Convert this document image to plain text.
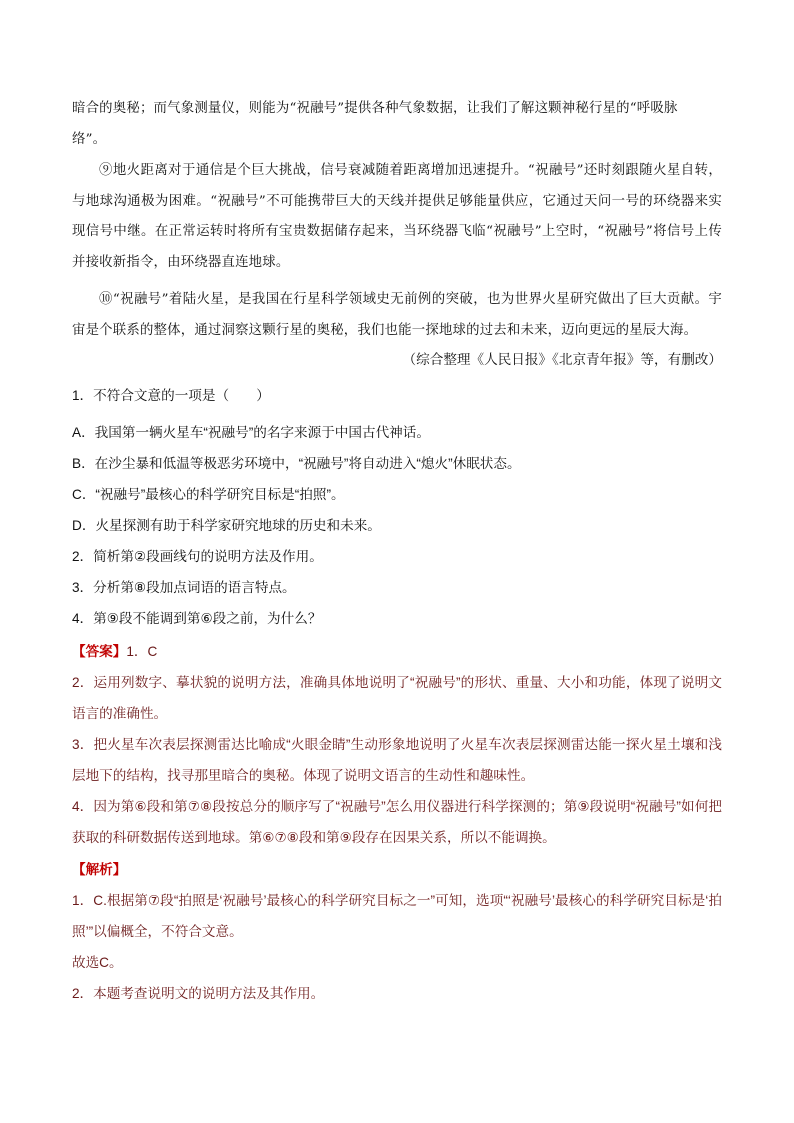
暗合的奥秘；而气象测量仪，则能为“祝融号”提供各种气象数据，让我们了解这颗神秘行星的“呼吸脉

络”。

⑨地火距离对于通信是个巨大挑战，信号衰减随着距离增加迅速提升。“祝融号”还时刻跟随火星自转，与地球沟通极为困难。“祝融号”不可能携带巨大的天线并提供足够能量供应，它通过天问一号的环绕器来实现信号中继。在正常运转时将所有宝贵数据储存起来，当环绕器飞临“祝融号”上空时，“祝融号”将信号上传并接收新指令，由环绕器直连地球。

⑩“祝融号”着陆火星，是我国在行星科学领域史无前例的突破，也为世界火星研究做出了巨大贡献。宇宙是个联系的整体，通过洞察这颗行星的奥秘，我们也能一探地球的过去和未来，迈向更远的星辰大海。

（综合整理《人民日报》《北京青年报》等，有删改）

1．不符合文意的一项是（　　）

A．我国第一辆火星车“祝融号”的名字来源于中国古代神话。

B．在沙尘暴和低温等极恶劣环境中，“祝融号”将自动进入“熄火”休眠状态。

C．“祝融号”最核心的科学研究目标是“拍照”。

D．火星探测有助于科学家研究地球的历史和未来。

2．简析第②段画线句的说明方法及作用。

3．分析第⑧段加点词语的语言特点。

4．第⑨段不能调到第⑥段之前，为什么？

【答案】1．C

2．运用列数字、摹状貌的说明方法，准确具体地说明了“祝融号”的形状、重量、大小和功能，体现了说明文语言的准确性。

3．把火星车次表层探测雷达比喻成“火眼金睛”生动形象地说明了火星车次表层探测雷达能一探火星土壤和浅层地下的结构，找寻那里暗合的奥秘。体现了说明文语言的生动性和趣味性。

4．因为第⑥段和第⑦⑧段按总分的顺序写了“祝融号”怎么用仪器进行科学探测的；第⑨段说明“祝融号”如何把获取的科研数据传送到地球。第⑥⑦⑧段和第⑨段存在因果关系，所以不能调换。

【解析】

1．C.根据第⑦段“拍照是‘祝融号’最核心的科学研究目标之一”可知，选项“‘祝融号’最核心的科学研究目标是‘拍照’”以偏概全，不符合文意。

故选C。

2．本题考查说明文的说明方法及其作用。
